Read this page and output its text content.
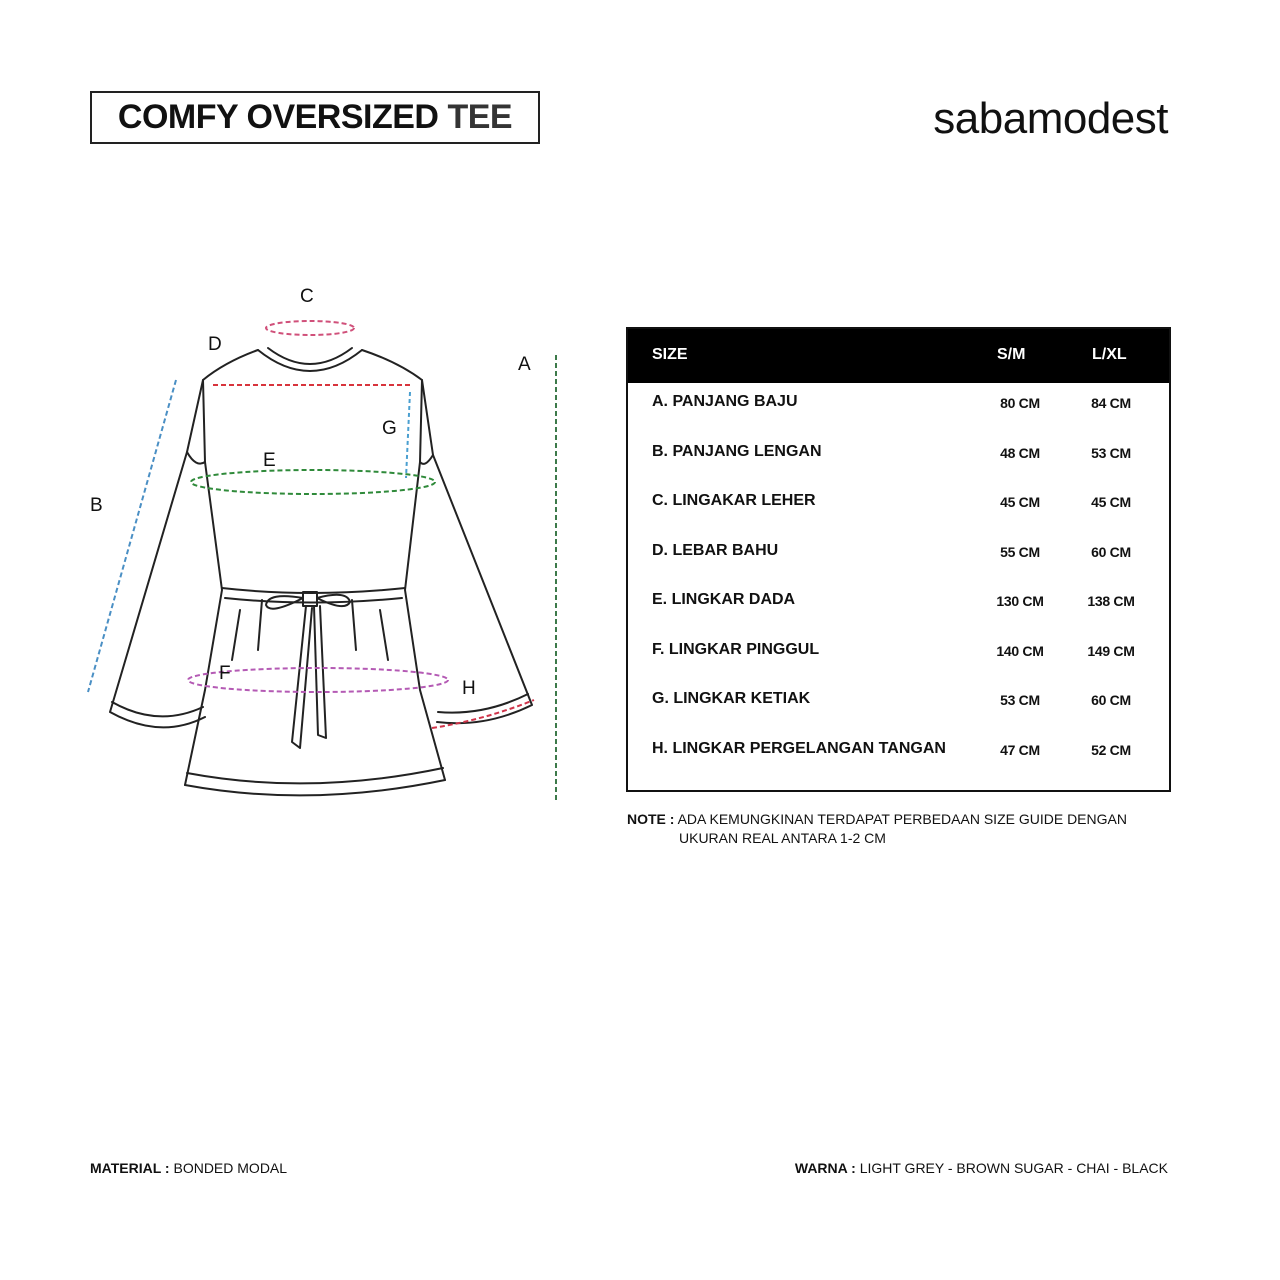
COMFY OVERSIZED TEE	sabamodest
A
B
C
D
E
F
G
H
SIZE	S/M	L/XL
A. PANJANG BAJU	80 CM	84 CM
B. PANJANG LENGAN	48 CM	53 CM
C. LINGAKAR LEHER	45 CM	45 CM
D. LEBAR BAHU	55 CM	60 CM
E. LINGKAR DADA	130 CM	138 CM
F. LINGKAR PINGGUL	140 CM	149 CM
G. LINGKAR KETIAK	53 CM	60 CM
H. LINGKAR PERGELANGAN TANGAN	47 CM	52 CM
NOTE : ADA KEMUNGKINAN TERDAPAT PERBEDAAN SIZE GUIDE DENGAN
UKURAN REAL ANTARA 1-2 CM
MATERIAL : BONDED MODAL	WARNA : LIGHT GREY - BROWN SUGAR - CHAI - BLACK
